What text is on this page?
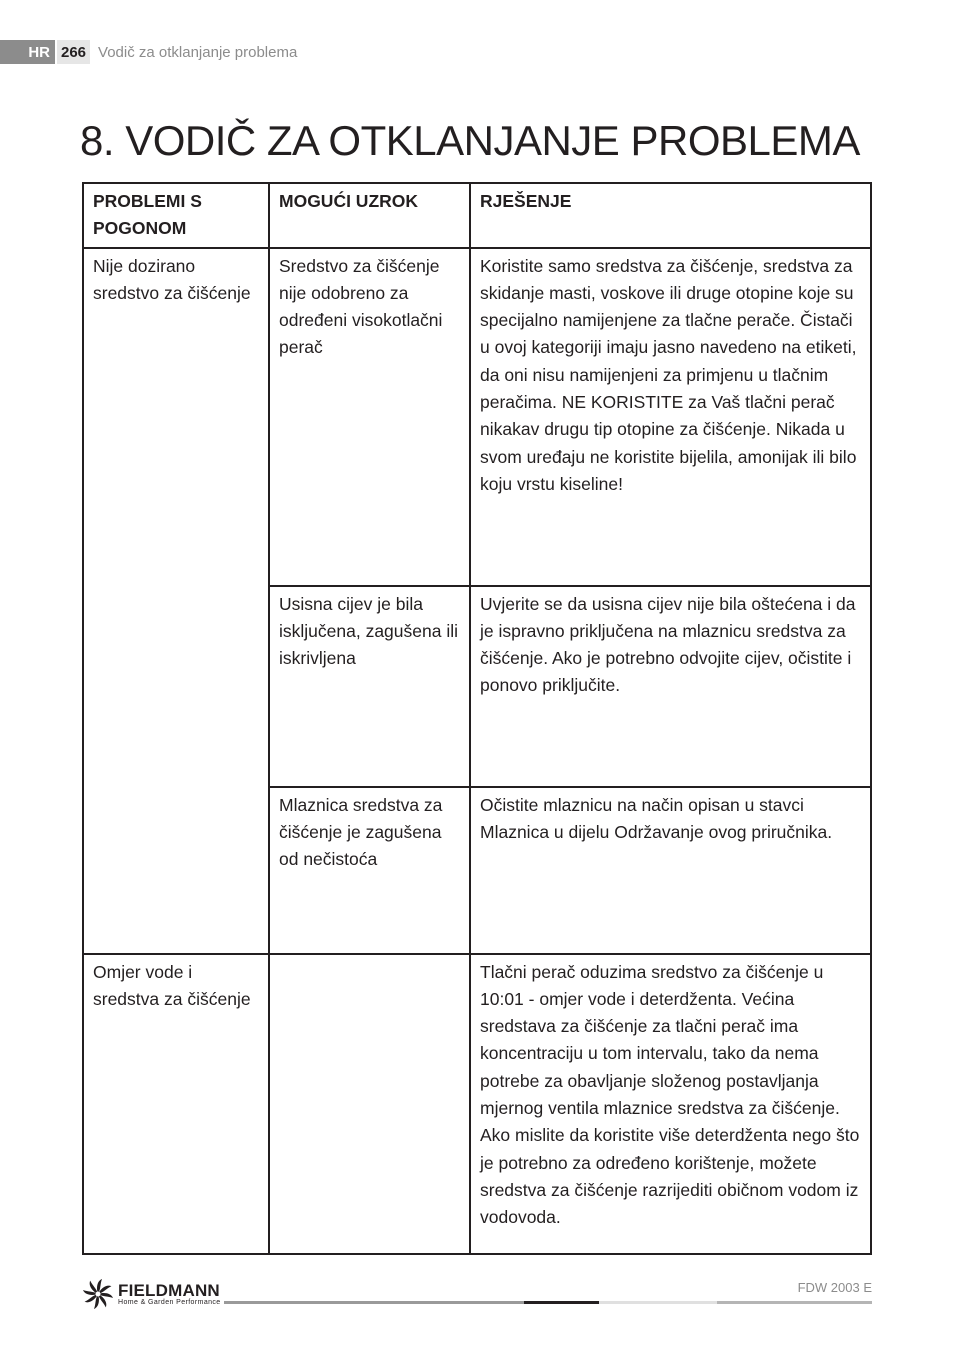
HR 266 Vodič za otklanjanje problema
8. VODIČ ZA OTKLANJANJE PROBLEMA
PROBLEMI S POGONOM	MOGUĆI UZROK	RJEŠENJE
Nije dozirano sredstvo za čišćenje	Sredstvo za čišćenje nije odobreno za određeni visokotlačni perač	Koristite samo sredstva za čišćenje, sredstva za skidanje masti, voskove ili druge otopine koje su specijalno namijenjene za tlačne perače. Čistači u ovoj kategoriji imaju jasno navedeno na etiketi, da oni nisu namijenjeni za primjenu u tlačnim peračima. NE KORISTITE za Vaš tlačni perač nikakav drugu tip otopine za čišćenje. Nikada u svom uređaju ne koristite bijelila, amonijak ili bilo koju vrstu kiseline!
	Usisna cijev je bila isključena, zagušena ili iskrivljena	Uvjerite se da usisna cijev nije bila oštećena i da je ispravno priključena na mlaznicu sredstva za čišćenje. Ako je potrebno odvojite cijev, očistite i ponovo priključite.
	Mlaznica sredstva za čišćenje je zagušena od nečistoća	Očistite mlaznicu na način opisan u stavci Mlaznica u dijelu Održavanje ovog priručnika.
Omjer vode i sredstva za čišćenje		Tlačni perač oduzima sredstvo za čišćenje u 10:01 - omjer vode i deterdženta. Većina sredstava za čišćenje za tlačni perač ima koncentraciju u tom intervalu, tako da nema potrebe za obavljanje složenog postavljanja mjernog ventila mlaznice sredstva za čišćenje. Ako mislite da koristite više deterdženta nego što je potrebno za određeno korištenje, možete sredstva za čišćenje razrijediti običnom vodom iz vodovoda.
FIELDMANN
Home & Garden Performance
FDW 2003 E
